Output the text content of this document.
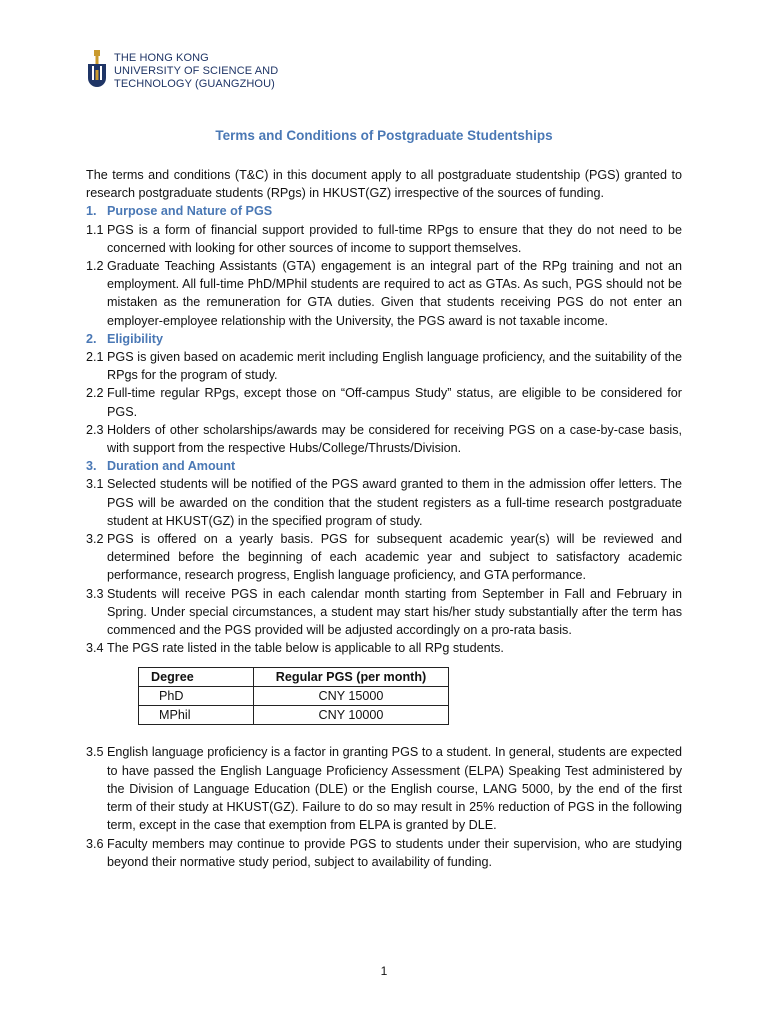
THE HONG KONG
UNIVERSITY OF SCIENCE AND
TECHNOLOGY (GUANGZHOU)
Terms and Conditions of Postgraduate Studentships

The terms and conditions (T&C) in this document apply to all postgraduate studentship (PGS) granted to research postgraduate students (RPgs) in HKUST(GZ) irrespective of the sources of funding.

1. Purpose and Nature of PGS

1.1 PGS is a form of financial support provided to full-time RPgs to ensure that they do not need to be concerned with looking for other sources of income to support themselves.

1.2 Graduate Teaching Assistants (GTA) engagement is an integral part of the RPg training and not an employment. All full-time PhD/MPhil students are required to act as GTAs. As such, PGS should not be mistaken as the remuneration for GTA duties. Given that students receiving PGS do not enter an employer-employee relationship with the University, the PGS award is not taxable income.

2. Eligibility

2.1 PGS is given based on academic merit including English language proficiency, and the suitability of the RPgs for the program of study.

2.2 Full-time regular RPgs, except those on “Off-campus Study” status, are eligible to be considered for PGS.

2.3 Holders of other scholarships/awards may be considered for receiving PGS on a case-by-case basis, with support from the respective Hubs/College/Thrusts/Division.

3. Duration and Amount

3.1 Selected students will be notified of the PGS award granted to them in the admission offer letters. The PGS will be awarded on the condition that the student registers as a full-time research postgraduate student at HKUST(GZ) in the specified program of study.

3.2 PGS is offered on a yearly basis. PGS for subsequent academic year(s) will be reviewed and determined before the beginning of each academic year and subject to satisfactory academic performance, research progress, English language proficiency, and GTA performance.

3.3 Students will receive PGS in each calendar month starting from September in Fall and February in Spring. Under special circumstances, a student may start his/her study substantially after the term has commenced and the PGS provided will be adjusted accordingly on a pro-rata basis.

3.4 The PGS rate listed in the table below is applicable to all RPg students.

Degree	Regular PGS (per month)
PhD	CNY 15000
MPhil	CNY 10000

3.5 English language proficiency is a factor in granting PGS to a student. In general, students are expected to have passed the English Language Proficiency Assessment (ELPA) Speaking Test administered by the Division of Language Education (DLE) or the English course, LANG 5000, by the end of the first term of their study at HKUST(GZ). Failure to do so may result in 25% reduction of PGS in the following term, except in the case that exemption from ELPA is granted by DLE.

3.6 Faculty members may continue to provide PGS to students under their supervision, who are studying beyond their normative study period, subject to availability of funding.

1
